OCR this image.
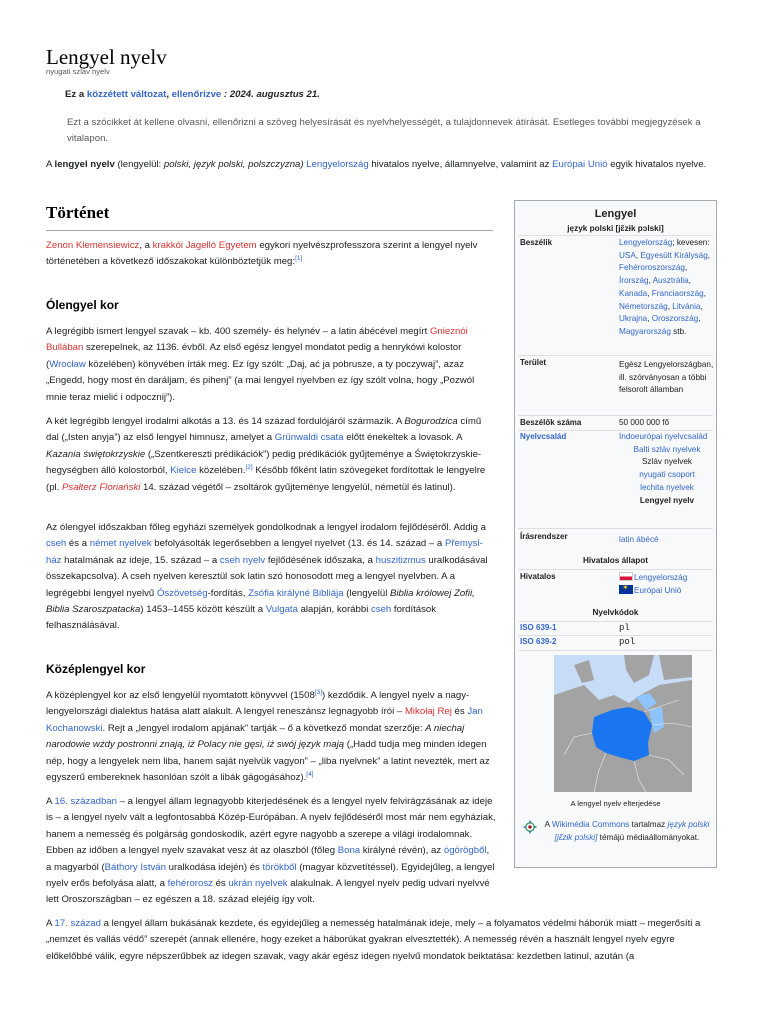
Lengyel nyelv
nyugati szláv nyelv
Ez a közzétett változat, ellenőrizve : 2024. augusztus 21.
Ezt a szócikket át kellene olvasni, ellenőrizni a szöveg helyesírását és nyelvhelyességét, a tulajdonnevek átírását. Esetleges további megjegyzések a vitalapon.
A lengyel nyelv (lengyelül: polski, język polski, polszczyzna) Lengyelország hivatalos nyelve, államnyelve, valamint az Európai Unió egyik hivatalos nyelve.
Történet
Zenon Klemensiewicz, a krakkói Jagelló Egyetem egykori nyelvészprofesszora szerint a lengyel nyelv történetében a következő időszakokat különböztetjük meg:[1]
Ólengyel kor
A legrégibb ismert lengyel szavak – kb. 400 személy- és helynév – a latin ábécével megírt Gnieznói Bullában szerepelnek, az 1136. évből. Az első egész lengyel mondatot pedig a henrykówi kolostor (Wrocław közelében) könyvében írták meg. Ez így szólt: „Daj, ać ja pobrusze, a ty poczywaj”, azaz „Engedd, hogy most én daráljam, és pihenj” (a mai lengyel nyelvben ez így szólt volna, hogy „Pozwól mnie teraz mielić i odpocznij”).
A két legrégibb lengyel irodalmi alkotás a 13. és 14 század fordulójáról származik. A Bogurodzica című dal („Isten anyja”) az első lengyel himnusz, amelyet a Grünwaldi csata előtt énekeltek a lovasok. A Kazania świętokrzyskie („Szentkereszti prédikációk”) pedig prédikációk gyűjteménye a Świętokrzyskie-hegységben álló kolostorból, Kielce közelében.[2] Később főként latin szövegeket fordítottak le lengyelre (pl. Psałterz Floriański 14. század végétől – zsoltárok gyűjteménye lengyelül, németül és latinul).
Az ólengyel időszakban főleg egyházi személyek gondolkodnak a lengyel irodalom fejlődéséről. Addig a cseh és a német nyelvek befolyásolták legerősebben a lengyel nyelvet (13. és 14. század – a Přemysl-ház hatalmának az ideje, 15. század – a cseh nyelv fejlődésének időszaka, a huszitizmus uralkodásával összekapcsolva). A cseh nyelven keresztül sok latin szó honosodott meg a lengyel nyelvben. A a legrégebbi lengyel nyelvű Ószövetség-fordítás, Zsófia királyné Bibliája (lengyelül Biblia królowej Zofii, Biblia Szaroszpatacka) 1453–1455 között készült a Vulgata alapján, korábbi cseh fordítások felhasználásával.
Középlengyel kor
A középlengyel kor az első lengyelül nyomtatott könyvvel (1508[3]) kezdődik. A lengyel nyelv a nagy-lengyelországi dialektus hatása alatt alakult. A lengyel reneszánsz legnagyobb írói – Mikołaj Rej és Jan Kochanowski. Rejt a „lengyel irodalom apjának” tartják – ő a következő mondat szerzője: A niechaj narodowie wżdy postronni znają, iż Polacy nie gęsi, iż swój język mają („Hadd tudja meg minden idegen nép, hogy a lengyelek nem liba, hanem saját nyelvük vagyon” – „liba nyelvnek” a latint nevezték, mert az egyszerű embereknek hasonlóan szólt a libák gágogásához).[4]
A 16. században – a lengyel állam legnagyobb kiterjedésének és a lengyel nyelv felvirágzásának az ideje is – a lengyel nyelv vált a legfontosabbá Közép-Európában. A nyelv fejlődéséről most már nem egyháziak, hanem a nemesség és polgárság gondoskodik, azért egyre nagyobb a szerepe a világi irodalomnak. Ebben az időben a lengyel nyelv szavakat vesz át az olaszból (főleg Bona királyné révén), az ógörögből, a magyarból (Báthory István uralkodása idején) és törökből (magyar közvetítéssel). Egyidejűleg, a lengyel nyelv erős befolyása alatt, a fehérorosz és ukrán nyelvek alakulnak. A lengyel nyelv pedig udvari nyelvvé lett Oroszországban – ez egészen a 18. század elejéig így volt.
A 17. század a lengyel állam bukásának kezdete, és egyidejűleg a nemesség hatalmának ideje, mely – a folyamatos védelmi háborúk miatt – megerősíti a „nemzet és vallás védő” szerepét (annak ellenére, hogy ezeket a háborúkat gyakran elvesztették). A nemesség révén a használt lengyel nyelv egyre előkelőbbé válik, egyre népszerűbbek az idegen szavak, vagy akár egész idegen nyelvű mondatok beiktatása: kezdetben latinul, azután (a
Lengyel
język polski [jɛ̃zɨk pɔlski]
Beszélik	Lengyelország; kevesen: USA, Egyesült Királyság, Fehéroroszország, Írország, Ausztrália, Kanada, Franciaország, Németország, Litvánia, Ukrajna, Oroszország, Magyarország stb.
Terület	Egész Lengyelországban, ill. szórványosan a többi felsorolt államban
Beszélők száma	50 000 000 fő
Nyelvcsalád	Indoeurópai nyelvcsalád
Balti szláv nyelvek
Szláv nyelvek
nyugati csoport
lechita nyelvek
Lengyel nyelv
Írásrendszer	latin ábécé
Hivatalos állapot
Hivatalos	Lengyelország
✶Európai Unió
Nyelvkódok
ISO 639-1	pl
ISO 639-2	pol
A lengyel nyelv elterjedése
A Wikimédia Commons tartalmaz język polski [jɛ̃zɨk pɔlski] témájú médiaállományokat.
